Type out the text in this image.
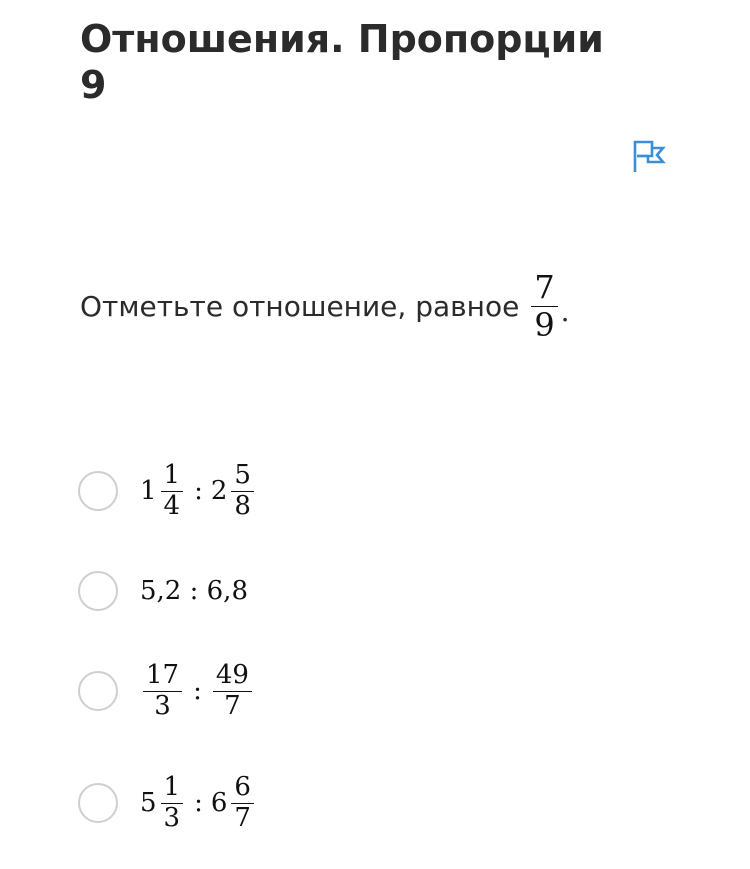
Отношения. Пропорции
9
Отметьте отношение, равное $\frac{7}{9}$ .
$1 \frac{1}{4}$ : $2 \frac{5}{8}$
5,2 : 6,8
$\frac{17}{3}$ : $\frac{49}{7}$
$5 \frac{1}{3}$ : $6 \frac{6}{7}$
